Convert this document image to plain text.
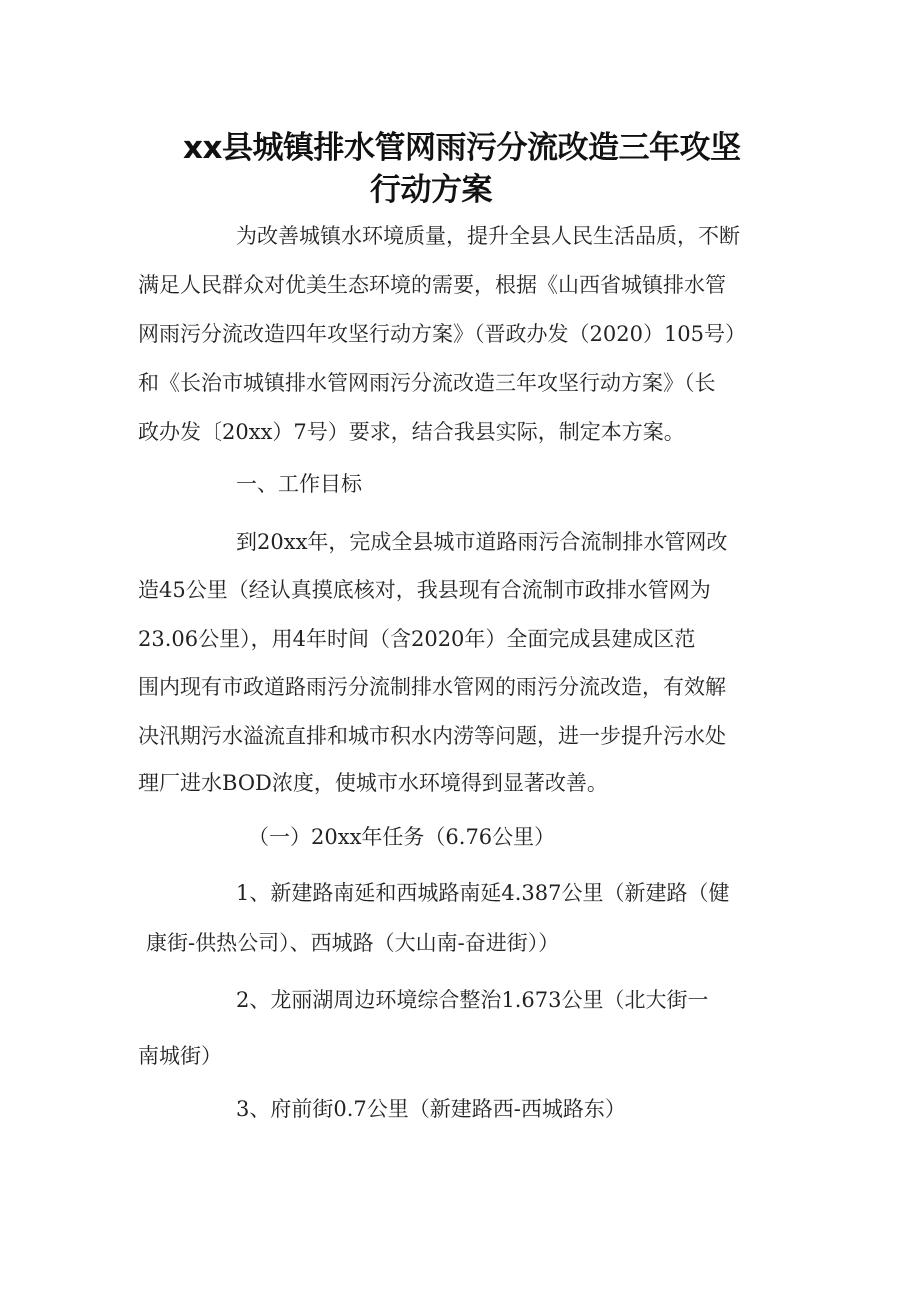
xx县城镇排水管网雨污分流改造三年攻坚
行动方案
为改善城镇水环境质量，提升全县人民生活品质，不断
满足人民群众对优美生态环境的需要，根据《山西省城镇排水管
网雨污分流改造四年攻坚行动方案》（晋政办发（2020）105号）
和《长治市城镇排水管网雨污分流改造三年攻坚行动方案》（长
政办发〔20xx）7号）要求，结合我县实际，制定本方案。
一、工作目标
到20xx年，完成全县城市道路雨污合流制排水管网改
造45公里（经认真摸底核对，我县现有合流制市政排水管网为
23.06公里），用4年时间（含2020年）全面完成县建成区范
围内现有市政道路雨污分流制排水管网的雨污分流改造，有效解
决汛期污水溢流直排和城市积水内涝等问题，进一步提升污水处
理厂进水BOD浓度，使城市水环境得到显著改善。
（一）20xx年任务（6.76公里）
1、新建路南延和西城路南延4.387公里（新建路（健
康街-供热公司）、西城路（大山南-奋进街））
2、龙丽湖周边环境综合整治1.673公里（北大街一
南城街）
3、府前街0.7公里（新建路西-西城路东）
